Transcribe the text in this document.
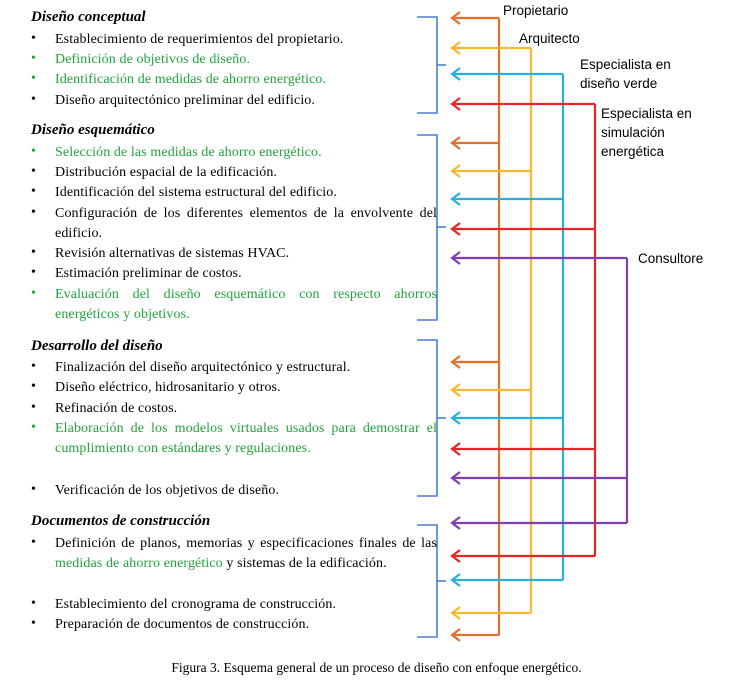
Diseño conceptual
•	Establecimiento de requerimientos del propietario.
•	Definición de objetivos de diseño.
•	Identificación de medidas de ahorro energético.
•	Diseño arquitectónico preliminar del edificio.
Diseño esquemático
•	Selección de las medidas de ahorro energético.
•	Distribución espacial de la edificación.
•	Identificación del sistema estructural del edificio.
•	Configuración de los diferentes elementos de la envolvente del edificio.
•	Revisión alternativas de sistemas HVAC.
•	Estimación preliminar de costos.
•	Evaluación del diseño esquemático con respecto ahorros energéticos y objetivos.
Desarrollo del diseño
•	Finalización del diseño arquitectónico y estructural.
•	Diseño eléctrico, hidrosanitario y otros.
•	Refinación de costos.
•	Elaboración de los modelos virtuales usados para demostrar el cumplimiento con estándares y regulaciones.
•	Verificación de los objetivos de diseño.
Documentos de construcción
•	Definición de planos, memorias y especificaciones finales de las medidas de ahorro energético y sistemas de la edificación.
•	Establecimiento del cronograma de construcción.
•	Preparación de documentos de construcción.
Propietario
Arquitecto
Especialista en diseño verde
Especialista en simulación energética
Consultore
Figura 3. Esquema general de un proceso de diseño con enfoque energético.
